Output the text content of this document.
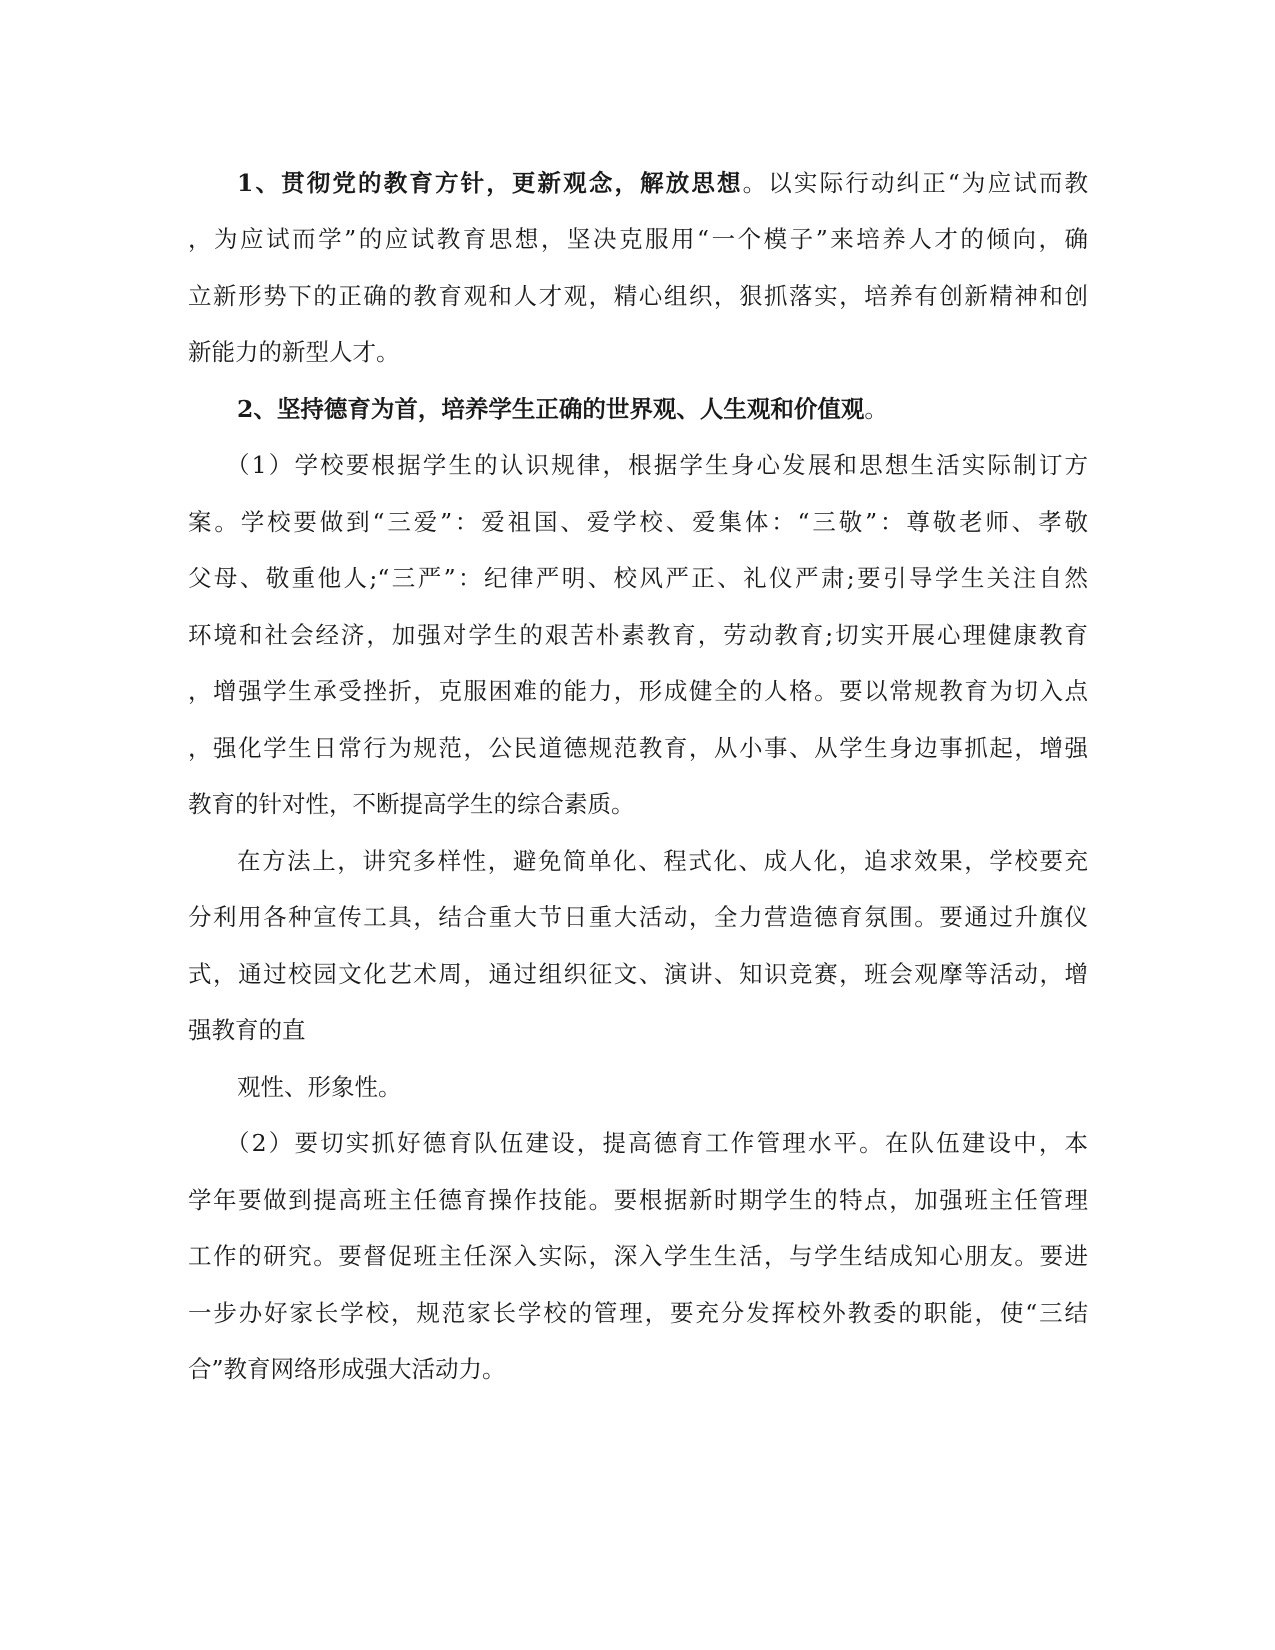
1、贯彻党的教育方针，更新观念，解放思想。以实际行动纠正“为应试而教
，为应试而学”的应试教育思想，坚决克服用“一个模子”来培养人才的倾向，确
立新形势下的正确的教育观和人才观，精心组织，狠抓落实，培养有创新精神和创
新能力的新型人才。
2、坚持德育为首，培养学生正确的世界观、人生观和价值观。
（1）学校要根据学生的认识规律，根据学生身心发展和思想生活实际制订方
案。学校要做到“三爱”：爱祖国、爱学校、爱集体：“三敬”：尊敬老师、孝敬
父母、敬重他人;“三严”：纪律严明、校风严正、礼仪严肃;要引导学生关注自然
环境和社会经济，加强对学生的艰苦朴素教育，劳动教育;切实开展心理健康教育
，增强学生承受挫折，克服困难的能力，形成健全的人格。要以常规教育为切入点
，强化学生日常行为规范，公民道德规范教育，从小事、从学生身边事抓起，增强
教育的针对性，不断提高学生的综合素质。
在方法上，讲究多样性，避免简单化、程式化、成人化，追求效果，学校要充
分利用各种宣传工具，结合重大节日重大活动，全力营造德育氛围。要通过升旗仪
式，通过校园文化艺术周，通过组织征文、演讲、知识竞赛，班会观摩等活动，增
强教育的直
观性、形象性。
（2）要切实抓好德育队伍建设，提高德育工作管理水平。在队伍建设中，本
学年要做到提高班主任德育操作技能。要根据新时期学生的特点，加强班主任管理
工作的研究。要督促班主任深入实际，深入学生生活，与学生结成知心朋友。要进
一步办好家长学校，规范家长学校的管理，要充分发挥校外教委的职能，使“三结
合”教育网络形成强大活动力。
